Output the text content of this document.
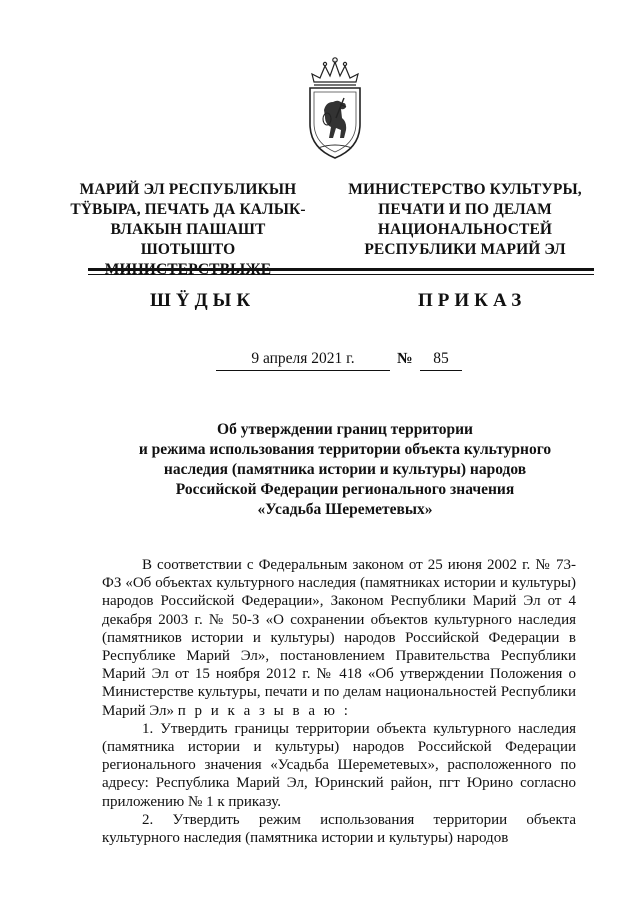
МАРИЙ ЭЛ РЕСПУБЛИКЫН
ТŸВЫРА, ПЕЧАТЬ ДА КАЛЫК-
ВЛАКЫН ПАШАШТ ШОТЫШТО
МИНИСТЕРСТВО КУЛЬТУРЫ,
ПЕЧАТИ И ПО ДЕЛАМ
НАЦИОНАЛЬНОСТЕЙ
РЕСПУБЛИКИ МАРИЙ ЭЛ
ШŸДЫК	ПРИКАЗ
9 апреля 2021 г.	№	85
Об утверждении границ территории
и режима использования территории объекта культурного
наследия (памятника истории и культуры) народов
Российской Федерации регионального значения
«Усадьба Шереметевых»

В соответствии с Федеральным законом от 25 июня 2002 г. № 73-ФЗ «Об объектах культурного наследия (памятниках истории и культуры) народов Российской Федерации», Законом Республики Марий Эл от 4 декабря 2003 г. № 50-З «О сохранении объектов культурного наследия (памятников истории и культуры) народов Российской Федерации в Республике Марий Эл», постановлением Правительства Республики Марий Эл от 15 ноября 2012 г. № 418 «Об утверждении Положения о Министерстве культуры, печати и по делам национальностей Республики Марий Эл» п р и к а з ы в а ю :

1. Утвердить границы территории объекта культурного наследия (памятника истории и культуры) народов Российской Федерации регионального значения «Усадьба Шереметевых», расположенного по адресу: Республика Марий Эл, Юринский район, пгт Юрино согласно приложению № 1 к приказу.

2. Утвердить режим использования территории объекта культурного наследия (памятника истории и культуры) народов
